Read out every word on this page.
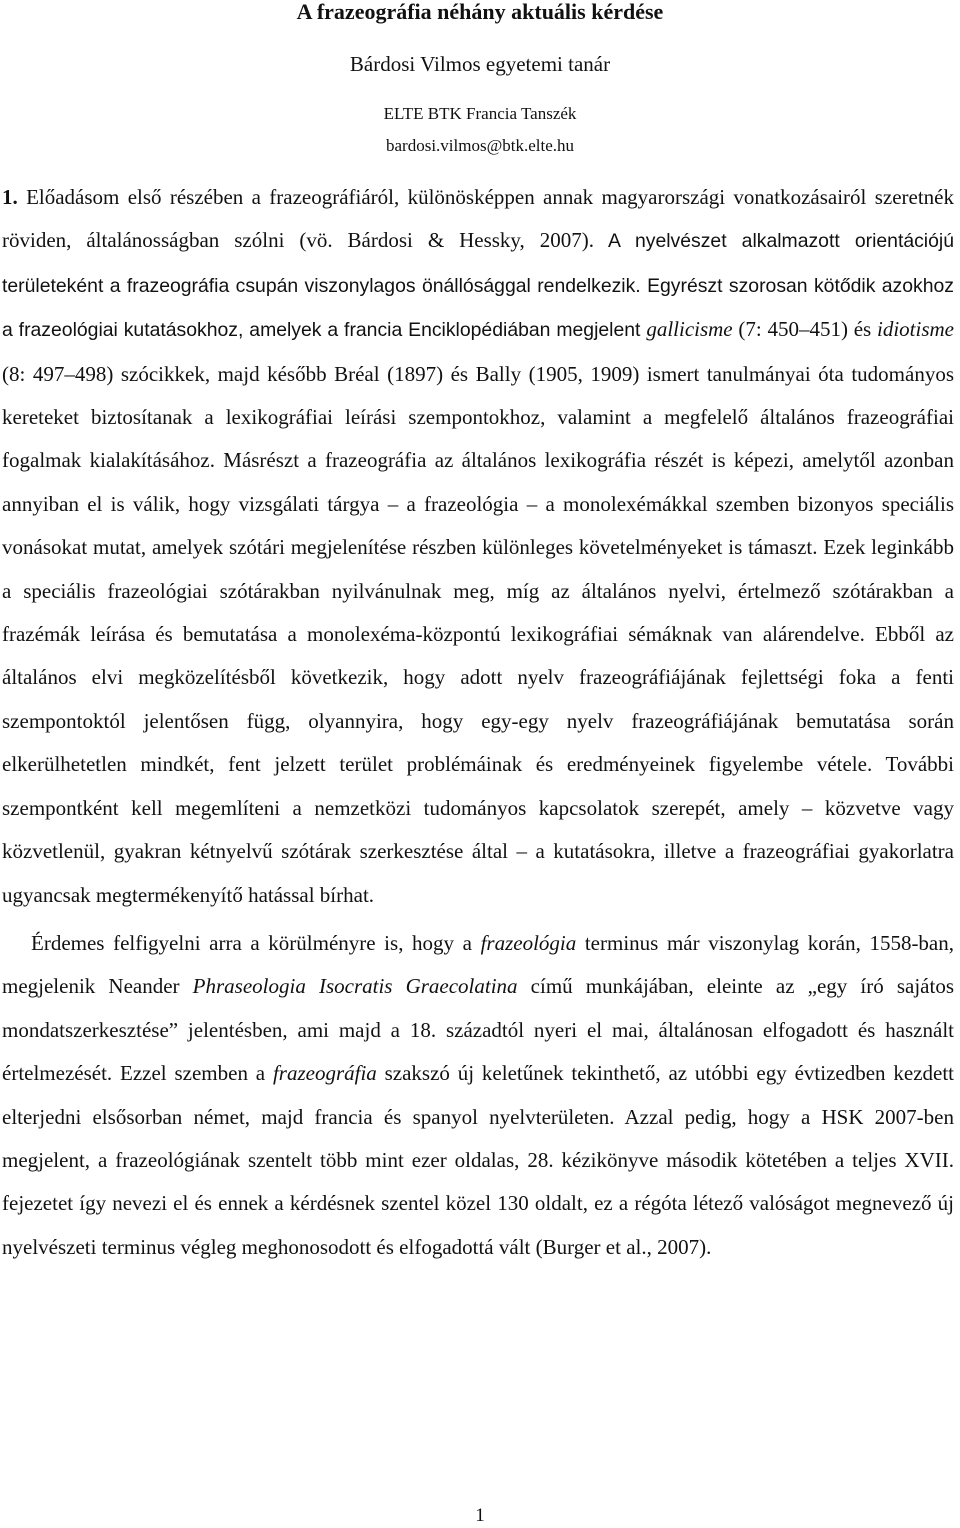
A frazeográfia néhány aktuális kérdése
Bárdosi Vilmos egyetemi tanár
ELTE BTK Francia Tanszék
bardosi.vilmos@btk.elte.hu

1. Előadásom első részében a frazeográfiáról, különösképpen annak magyarországi vonatkozásairól szeretnék röviden, általánosságban szólni (vö. Bárdosi & Hessky, 2007). A nyelvészet alkalmazott orientációjú területeként a frazeográfia csupán viszonylagos önállósággal rendelkezik. Egyrészt szorosan kötődik azokhoz a frazeológiai kutatásokhoz, amelyek a francia Enciklopédiában megjelent gallicisme (7: 450–451) és idiotisme (8: 497–498) szócikkek, majd később Bréal (1897) és Bally (1905, 1909) ismert tanulmányai óta tudományos kereteket biztosítanak a lexikográfiai leírási szempontokhoz, valamint a megfelelő általános frazeográfiai fogalmak kialakításához. Másrészt a frazeográfia az általános lexikográfia részét is képezi, amelytől azonban annyiban el is válik, hogy vizsgálati tárgya – a frazeológia – a monolexémákkal szemben bizonyos speciális vonásokat mutat, amelyek szótári megjelenítése részben különleges követelményeket is támaszt. Ezek leginkább a speciális frazeológiai szótárakban nyilvánulnak meg, míg az általános nyelvi, értelmező szótárakban a frazémák leírása és bemutatása a monolexéma-központú lexikográfiai sémáknak van alárendelve. Ebből az általános elvi megközelítésből következik, hogy adott nyelv frazeográfiájának fejlettségi foka a fenti szempontoktól jelentősen függ, olyannyira, hogy egy-egy nyelv frazeográfiájának bemutatása során elkerülhetetlen mindkét, fent jelzett terület problémáinak és eredményeinek figyelembe vétele. További szempontként kell megemlíteni a nemzetközi tudományos kapcsolatok szerepét, amely – közvetve vagy közvetlenül, gyakran kétnyelvű szótárak szerkesztése által – a kutatásokra, illetve a frazeográfiai gyakorlatra ugyancsak megtermékenyítő hatással bírhat.

Érdemes felfigyelni arra a körülményre is, hogy a frazeológia terminus már viszonylag korán, 1558-ban, megjelenik Neander Phraseologia Isocratis Graecolatina című munkájában, eleinte az „egy író sajátos mondatszerkesztése” jelentésben, ami majd a 18. századtól nyeri el mai, általánosan elfogadott és használt értelmezését. Ezzel szemben a frazeográfia szakszó új keletűnek tekinthető, az utóbbi egy évtizedben kezdett elterjedni elsősorban német, majd francia és spanyol nyelvterületen. Azzal pedig, hogy a HSK 2007-ben megjelent, a frazeológiának szentelt több mint ezer oldalas, 28. kézikönyve második kötetében a teljes XVII. fejezetet így nevezi el és ennek a kérdésnek szentel közel 130 oldalt, ez a régóta létező valóságot megnevező új nyelvészeti terminus végleg meghonosodott és elfogadottá vált (Burger et al., 2007).

1
